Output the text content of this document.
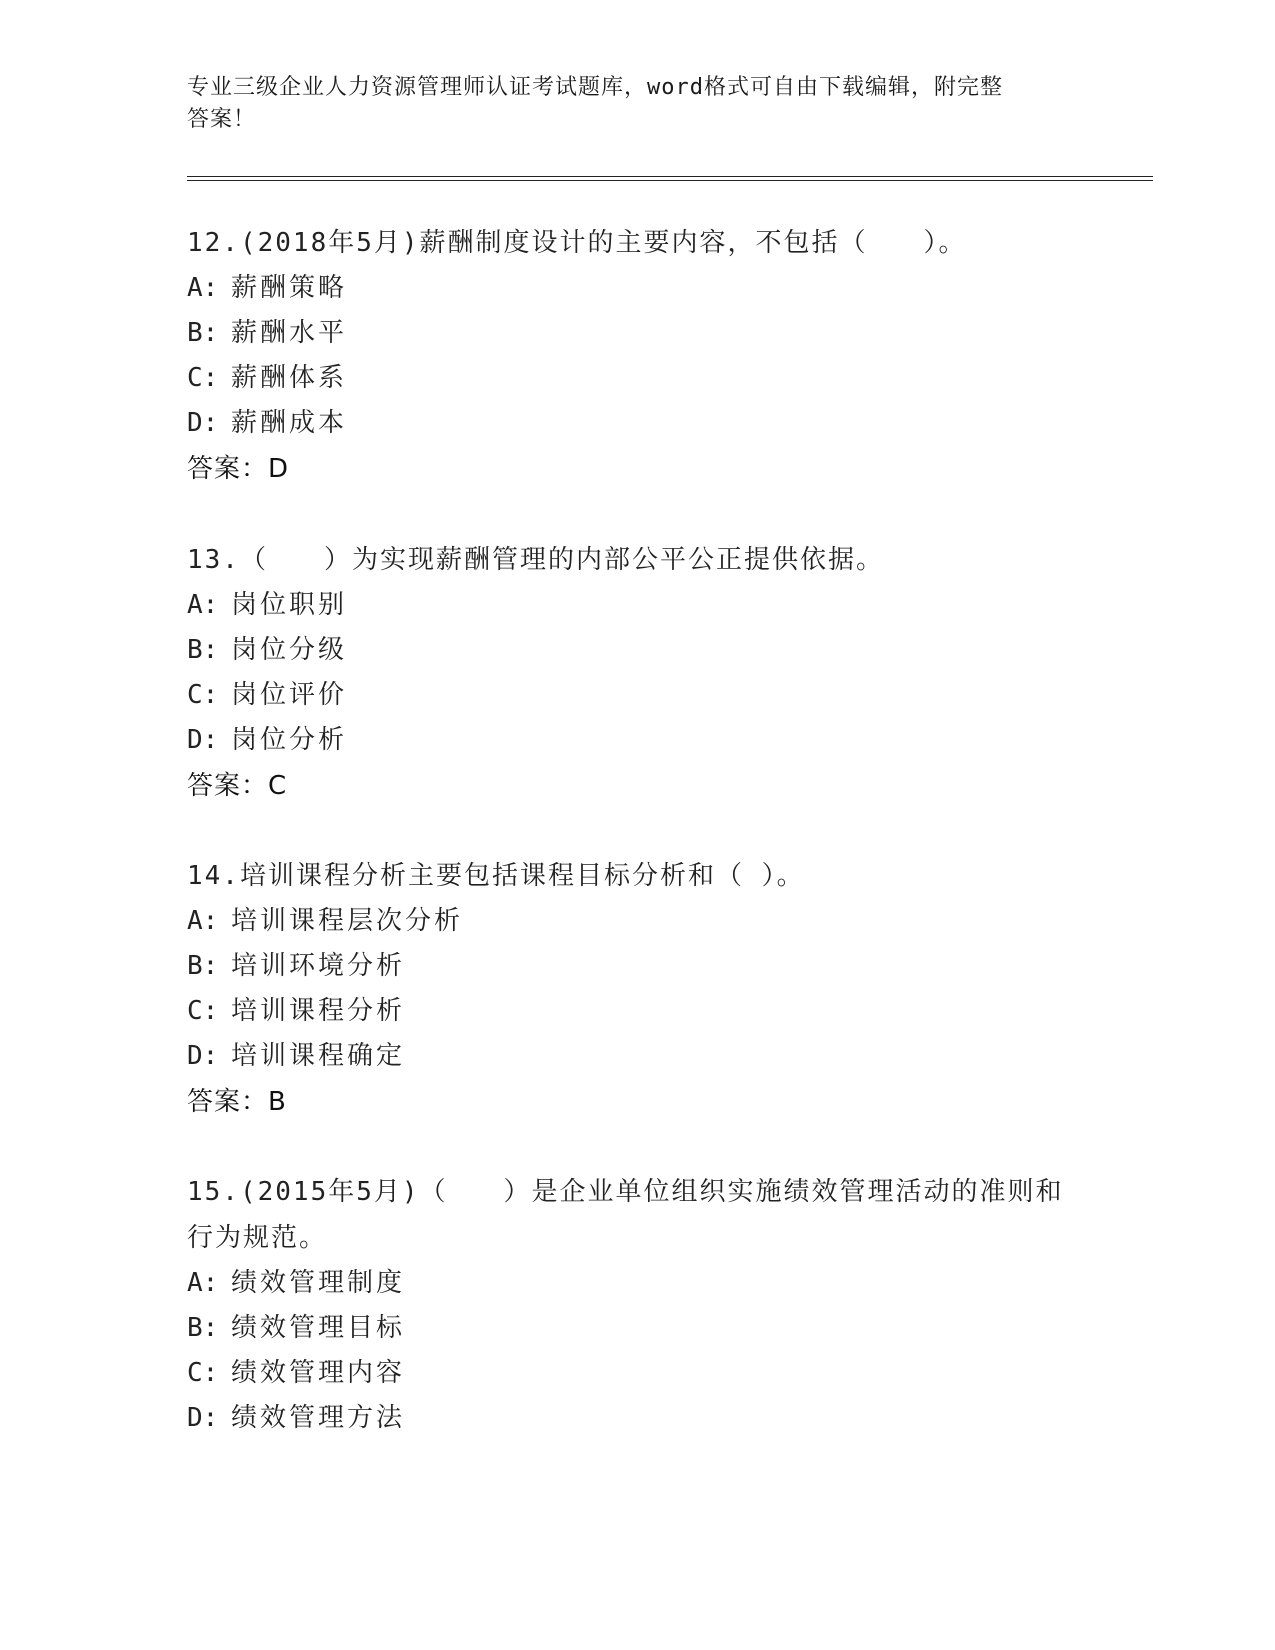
专业三级企业人力资源管理师认证考试题库，word格式可自由下载编辑，附完整
答案！
12.(2018年5月)薪酬制度设计的主要内容，不包括（　　）。
A: 薪酬策略
B: 薪酬水平
C: 薪酬体系
D: 薪酬成本
答案：D
13.（　　）为实现薪酬管理的内部公平公正提供依据。
A: 岗位职别
B: 岗位分级
C: 岗位评价
D: 岗位分析
答案：C
14.培训课程分析主要包括课程目标分析和（ ）。
A: 培训课程层次分析
B: 培训环境分析
C: 培训课程分析
D: 培训课程确定
答案：B
15.(2015年5月)（　　）是企业单位组织实施绩效管理活动的准则和
行为规范。
A: 绩效管理制度
B: 绩效管理目标
C: 绩效管理内容
D: 绩效管理方法
